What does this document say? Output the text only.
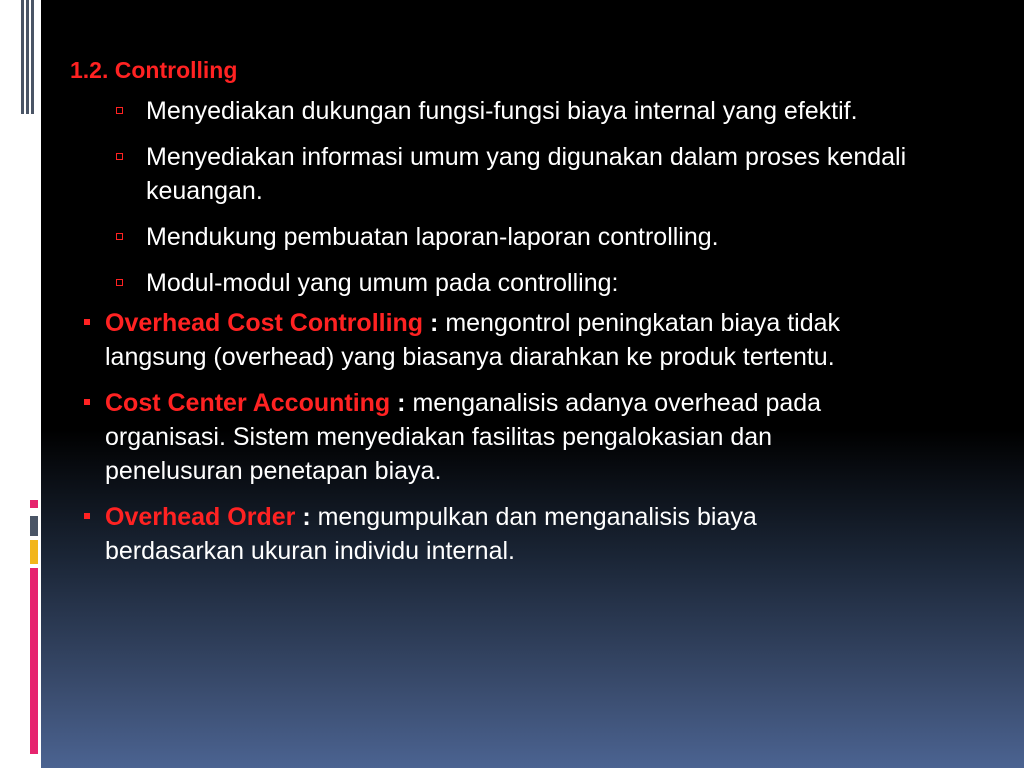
1.2. Controlling
Menyediakan dukungan fungsi-fungsi biaya internal yang efektif.
Menyediakan informasi umum yang digunakan dalam proses kendali keuangan.
Mendukung pembuatan laporan-laporan controlling.
Modul-modul yang umum pada controlling:
Overhead Cost Controlling : mengontrol peningkatan biaya tidak langsung (overhead) yang biasanya diarahkan ke produk tertentu.
Cost Center Accounting : menganalisis adanya overhead pada organisasi. Sistem menyediakan fasilitas pengalokasian dan penelusuran penetapan biaya.
Overhead Order : mengumpulkan dan menganalisis biaya berdasarkan ukuran individu internal.
